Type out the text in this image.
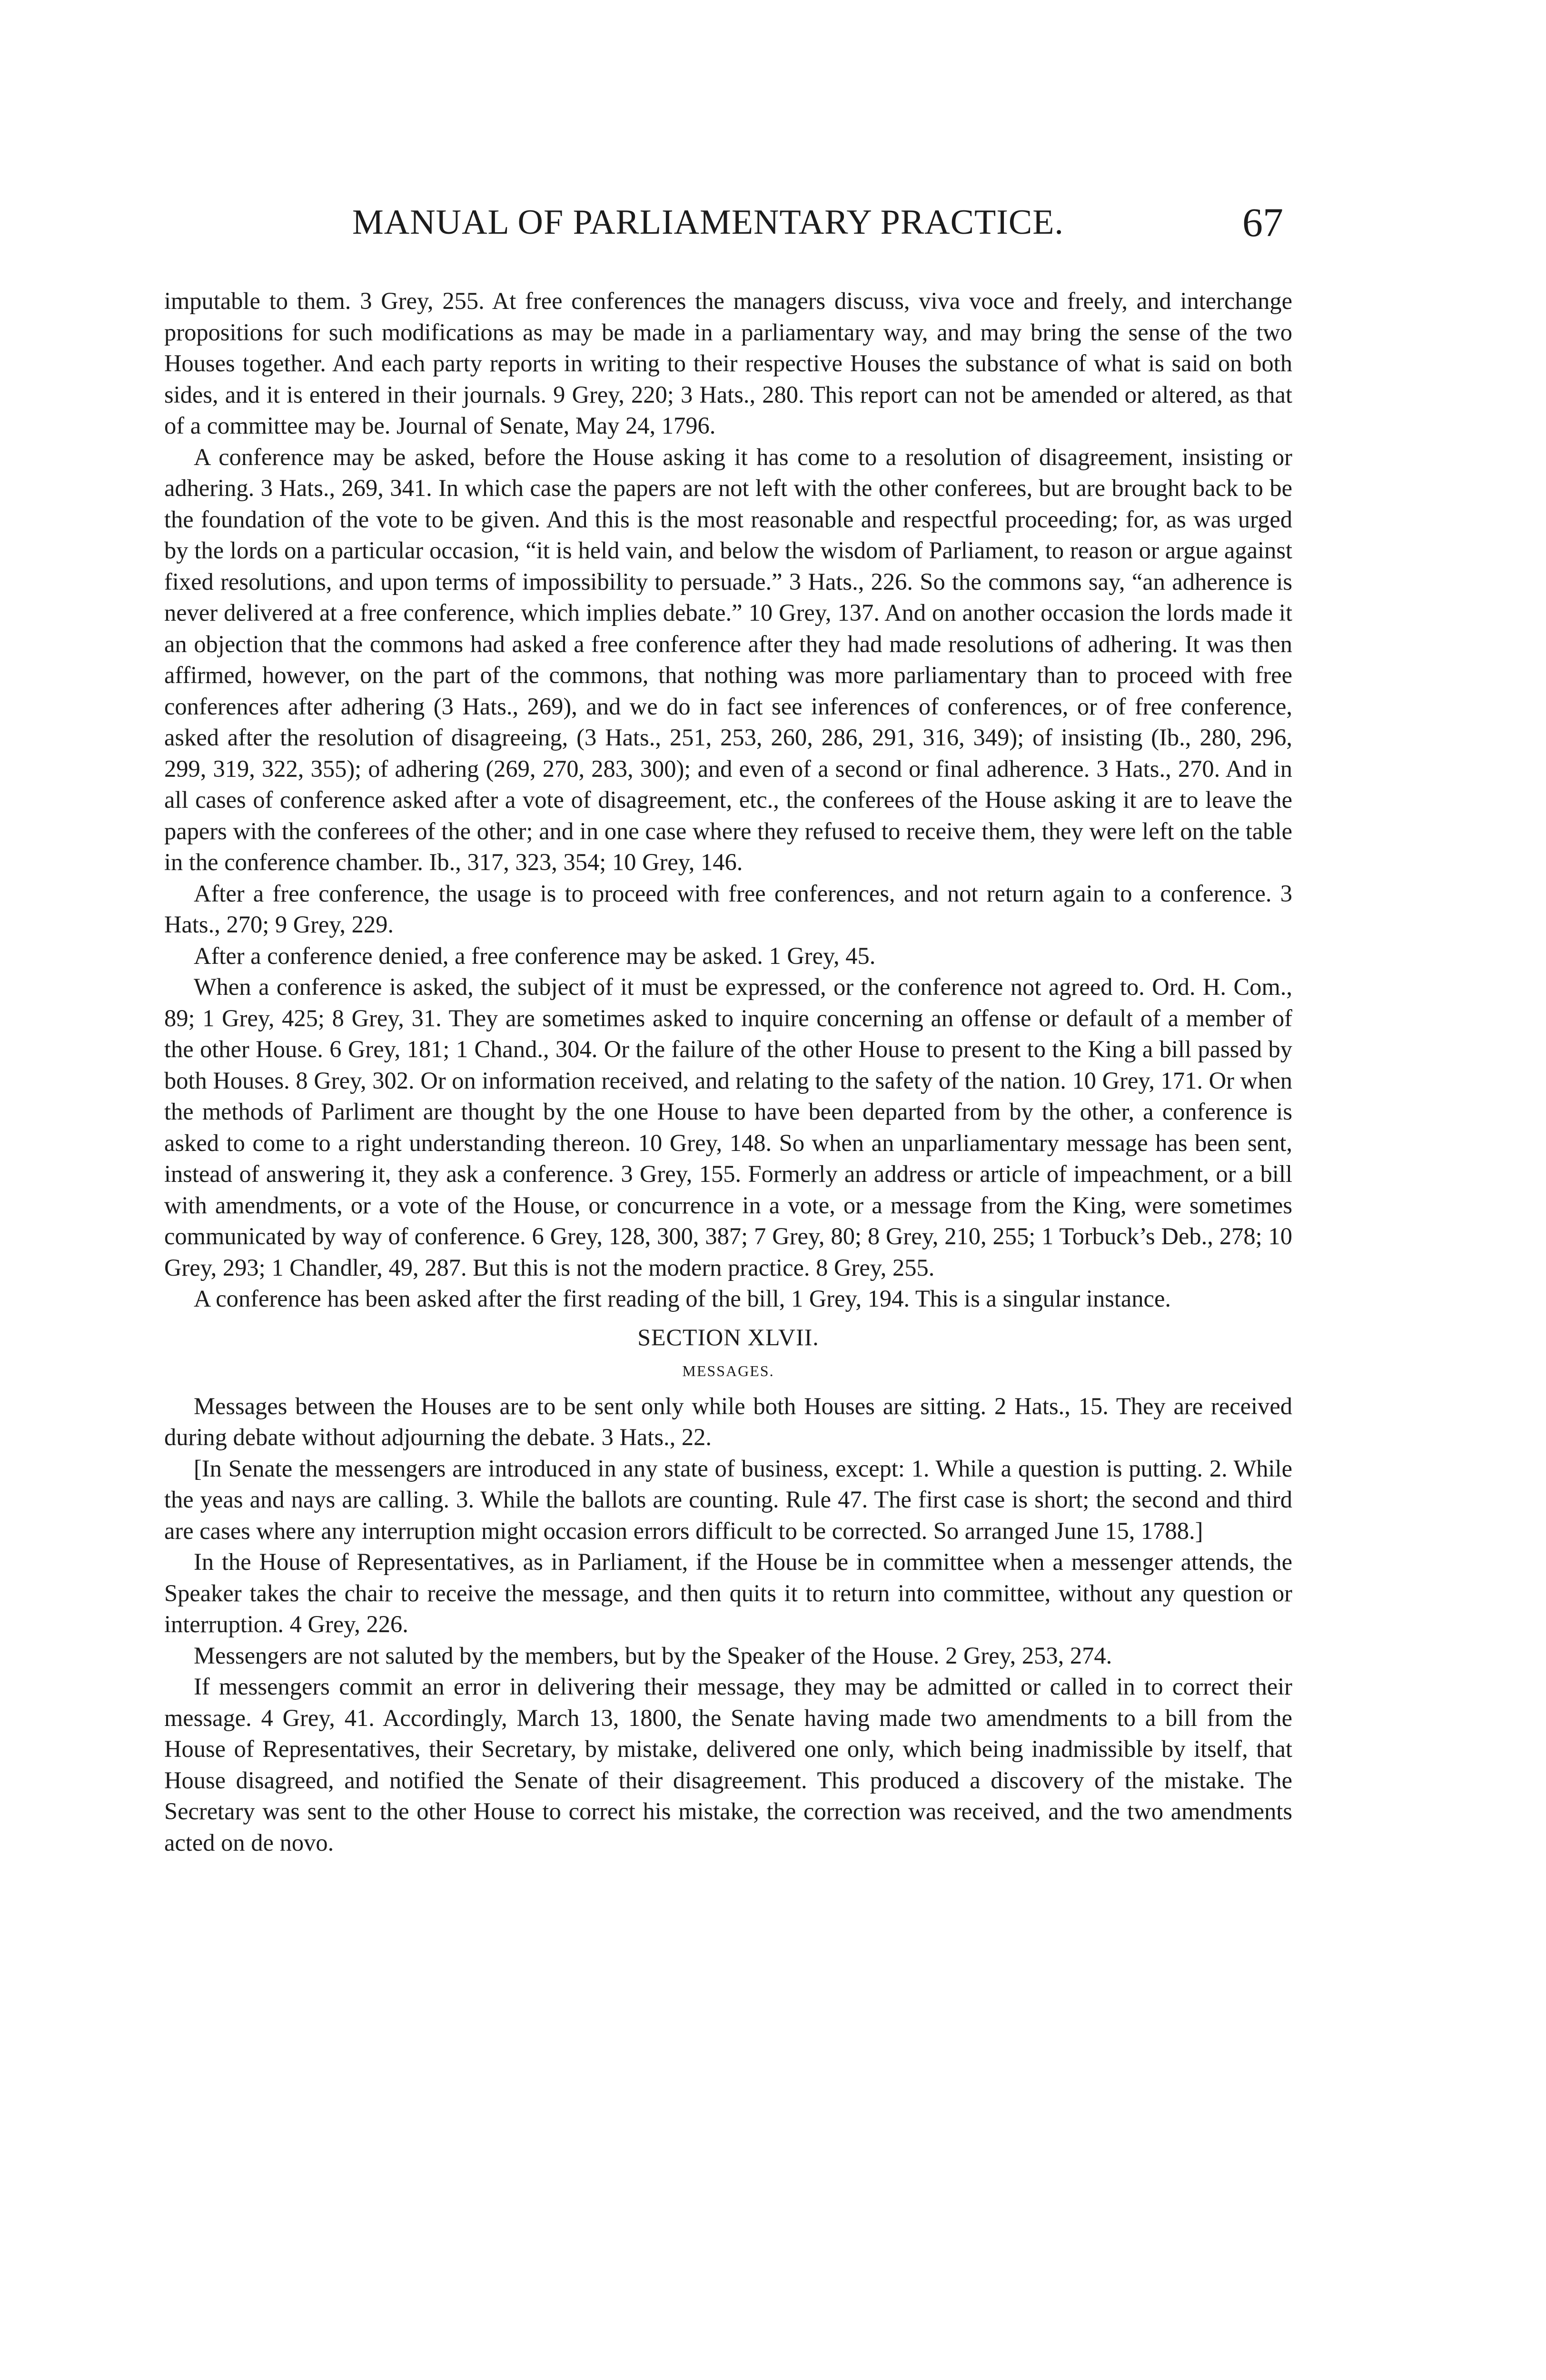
MANUAL OF PARLIAMENTARY PRACTICE.	67

imputable to them. 3 Grey, 255. At free conferences the managers discuss, viva voce and freely, and interchange propositions for such modifications as may be made in a parliamentary way, and may bring the sense of the two Houses together. And each party reports in writing to their respective Houses the substance of what is said on both sides, and it is entered in their journals. 9 Grey, 220; 3 Hats., 280. This report can not be amended or altered, as that of a committee may be. Journal of Senate, May 24, 1796.

A conference may be asked, before the House asking it has come to a resolution of disagreement, insisting or adhering. 3 Hats., 269, 341. In which case the papers are not left with the other conferees, but are brought back to be the foundation of the vote to be given. And this is the most reasonable and respectful proceeding; for, as was urged by the lords on a particular occasion, “it is held vain, and below the wisdom of Parliament, to reason or argue against fixed resolutions, and upon terms of impossibility to persuade.” 3 Hats., 226. So the commons say, “an adherence is never delivered at a free conference, which implies debate.” 10 Grey, 137. And on another occasion the lords made it an objection that the commons had asked a free conference after they had made resolutions of adhering. It was then affirmed, however, on the part of the commons, that nothing was more parliamentary than to proceed with free conferences after adhering (3 Hats., 269), and we do in fact see inferences of conferences, or of free conference, asked after the resolution of disagreeing, (3 Hats., 251, 253, 260, 286, 291, 316, 349); of insisting (Ib., 280, 296, 299, 319, 322, 355); of adhering (269, 270, 283, 300); and even of a second or final adherence. 3 Hats., 270. And in all cases of conference asked after a vote of disagreement, etc., the conferees of the House asking it are to leave the papers with the conferees of the other; and in one case where they refused to receive them, they were left on the table in the conference chamber. Ib., 317, 323, 354; 10 Grey, 146.

After a free conference, the usage is to proceed with free conferences, and not return again to a conference. 3 Hats., 270; 9 Grey, 229.

After a conference denied, a free conference may be asked. 1 Grey, 45.

When a conference is asked, the subject of it must be expressed, or the conference not agreed to. Ord. H. Com., 89; 1 Grey, 425; 8 Grey, 31. They are sometimes asked to inquire concerning an offense or default of a member of the other House. 6 Grey, 181; 1 Chand., 304. Or the failure of the other House to present to the King a bill passed by both Houses. 8 Grey, 302. Or on information received, and relating to the safety of the nation. 10 Grey, 171. Or when the methods of Parliment are thought by the one House to have been departed from by the other, a conference is asked to come to a right understanding thereon. 10 Grey, 148. So when an unparliamentary message has been sent, instead of answering it, they ask a conference. 3 Grey, 155. Formerly an address or article of impeachment, or a bill with amendments, or a vote of the House, or concurrence in a vote, or a message from the King, were sometimes communicated by way of conference. 6 Grey, 128, 300, 387; 7 Grey, 80; 8 Grey, 210, 255; 1 Torbuck’s Deb., 278; 10 Grey, 293; 1 Chandler, 49, 287. But this is not the modern practice. 8 Grey, 255.

A conference has been asked after the first reading of the bill, 1 Grey, 194. This is a singular instance.

SECTION XLVII.
MESSAGES.

Messages between the Houses are to be sent only while both Houses are sitting. 2 Hats., 15. They are received during debate without adjourning the debate. 3 Hats., 22.

[In Senate the messengers are introduced in any state of business, except: 1. While a question is putting. 2. While the yeas and nays are calling. 3. While the ballots are counting. Rule 47. The first case is short; the second and third are cases where any interruption might occasion errors difficult to be corrected. So arranged June 15, 1788.]

In the House of Representatives, as in Parliament, if the House be in committee when a messenger attends, the Speaker takes the chair to receive the message, and then quits it to return into committee, without any question or interruption. 4 Grey, 226.

Messengers are not saluted by the members, but by the Speaker of the House. 2 Grey, 253, 274.

If messengers commit an error in delivering their message, they may be admitted or called in to correct their message. 4 Grey, 41. Accordingly, March 13, 1800, the Senate having made two amendments to a bill from the House of Representatives, their Secretary, by mistake, delivered one only, which being inadmissible by itself, that House disagreed, and notified the Senate of their disagreement. This produced a discovery of the mistake. The Secretary was sent to the other House to correct his mistake, the correction was received, and the two amendments acted on de novo.
